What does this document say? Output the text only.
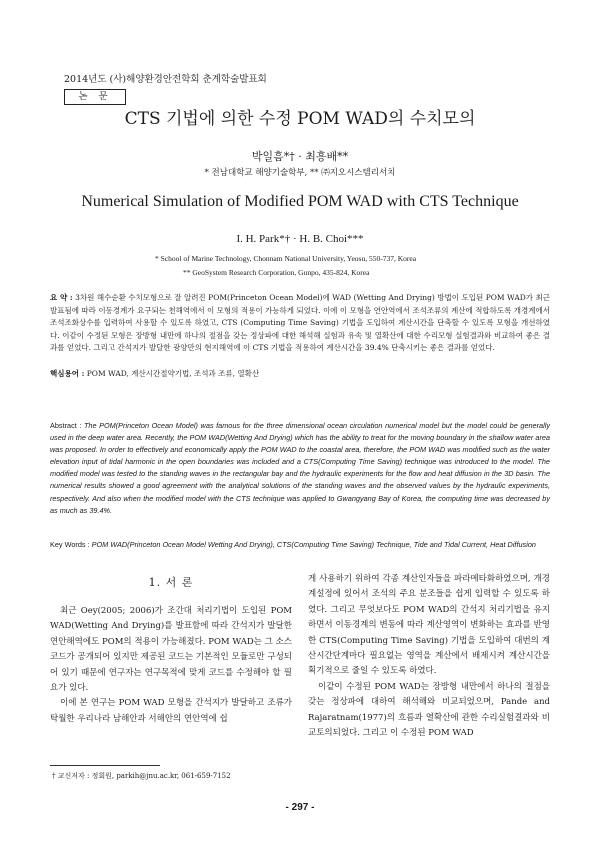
2014년도 (사)해양환경안전학회 춘계학술발표회
논 문
CTS 기법에 의한 수정 POM WAD의 수치모의
박일흠*† · 최흥배**
* 전남대학교 해양기술학부, ** ㈜지오시스템리서치
Numerical Simulation of Modified POM WAD with CTS Technique
I. H. Park*† · H. B. Choi***
* School of Marine Technology, Chonnam National University, Yeosu, 550-737, Korea
** GeoSystem Research Corporation, Gunpo, 435-824, Korea
요 약 : 3차원 해수순환 수치모형으로 잘 알려진 POM(Princeton Ocean Model)에 WAD (Wetting And Drying) 방법이 도입된 POM WAD가 최근 발표됨에 따라 이동경계가 요구되는 천해역에서 이 모형의 적용이 가능하게 되었다. 이에 이 모형을 연안역에서 조석조류의 계산에 적합하도록 개경계에서 조석조화상수를 입력하여 사용할 수 있도록 하였고, CTS (Computing Time Saving) 기법을 도입하여 계산시간을 단축할 수 있도록 모형을 개선하였다. 이같이 수정된 모형은 장방형 내만에 하나의 절점을 갖는 정상파에 대한 해석해 실험과 유속 및 열확산에 대한 수리모형 실험결과와 비교하여 좋은 결과를 얻었다. 그리고 간석지가 발달한 광양만의 현지해역에 이 CTS 기법을 적용하여 계산시간을 39.4% 단축시키는 좋은 결과를 얻었다.
핵심용어 : POM WAD, 계산시간절약기법, 조석과 조류, 열확산
Abstract : The POM(Princeton Ocean Model) was famous for the three dimensional ocean circulation numerical model but the model could be generally used in the deep water area. Recently, the POM WAD(Wetting And Drying) which has the ability to treat for the moving boundary in the shallow water area was proposed. In order to effectively and economically apply the POM WAD to the coastal area, therefore, the POM WAD was modified such as the water elevation input of tidal harmonic in the open boundaries was included and a CTS(Computing Time Saving) technique was introduced to the model. The modified model was tested to the standing waves in the rectangular bay and the hydraulic experiments for the flow and heat diffusion in the 3D basin. The numerical results showed a good agreement with the analytical solutions of the standing waves and the observed values by the hydraulic experiments, respectively. And also when the modified model with the CTS technique was applied to Gwangyang Bay of Korea, the computing time was decreased by as much as 39.4%.
Key Words : POM WAD(Princeton Ocean Model Wetting And Drying), CTS(Computing Time Saving) Technique, Tide and Tidal Current, Heat Diffusion
1. 서 론

최근 Oey(2005; 2006)가 조간대 처리기법이 도입된 POM WAD(Wetting And Drying)를 발표함에 따라 간석지가 발달한 연안해역에도 POM의 적용이 가능해졌다. POM WAD는 그 소스코드가 공개되어 있지만 제공된 코드는 기본적인 모듈로만 구성되어 있기 때문에 연구자는 연구목적에 맞게 코드를 수정해야 할 필요가 있다.

이에 본 연구는 POM WAD 모형을 간석지가 발달하고 조류가 탁월한 우리나라 남해안과 서해안의 연안역에 쉽

게 사용하기 위하여 각종 계산인자들을 파라메타화하였으며, 개경계설정에 있어서 조석의 주요 분조들을 쉽게 입력할 수 있도록 하였다. 그리고 무엇보다도 POM WAD의 간석지 처리기법을 유지하면서 이동경계의 변동에 따라 계산영역이 변화하는 효과를 반영한 CTS(Computing Time Saving) 기법을 도입하여 대번의 계산시간단계마다 필요없는 영역을 계산에서 배제시켜 계산시간을 획기적으로 줄일 수 있도록 하였다.

이같이 수정된 POM WAD는 장방형 내만에서 하나의 절점을 갖는 정상파에 대하여 해석해와 비교되었으며, Pande and Rajaratnam(1977)의 흐름과 열확산에 관한 수리실험결과와 비교토의되었다. 그리고 이 수정된 POM WAD

† 교신저자 : 정회원, parkih@jnu.ac.kr, 061-659-7152
- 297 -
